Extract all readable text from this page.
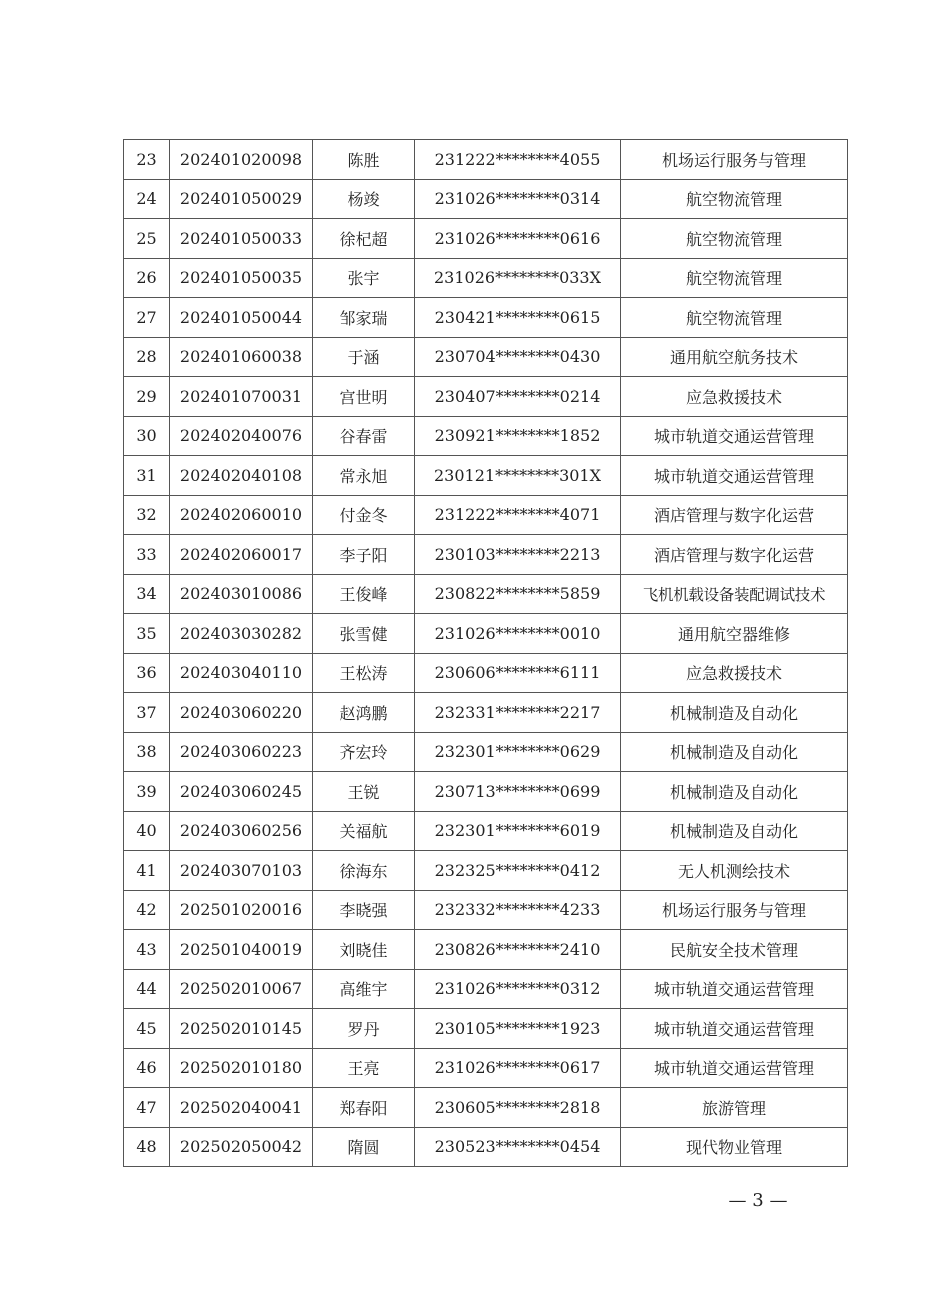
23	202401020098	陈胜	231222********4055	机场运行服务与管理
24	202401050029	杨竣	231026********0314	航空物流管理
25	202401050033	徐杞超	231026********0616	航空物流管理
26	202401050035	张宇	231026********033X	航空物流管理
27	202401050044	邹家瑞	230421********0615	航空物流管理
28	202401060038	于涵	230704********0430	通用航空航务技术
29	202401070031	宫世明	230407********0214	应急救援技术
30	202402040076	谷春雷	230921********1852	城市轨道交通运营管理
31	202402040108	常永旭	230121********301X	城市轨道交通运营管理
32	202402060010	付金冬	231222********4071	酒店管理与数字化运营
33	202402060017	李子阳	230103********2213	酒店管理与数字化运营
34	202403010086	王俊峰	230822********5859	飞机机载设备装配调试技术
35	202403030282	张雪健	231026********0010	通用航空器维修
36	202403040110	王松涛	230606********6111	应急救援技术
37	202403060220	赵鸿鹏	232331********2217	机械制造及自动化
38	202403060223	齐宏玲	232301********0629	机械制造及自动化
39	202403060245	王锐	230713********0699	机械制造及自动化
40	202403060256	关福航	232301********6019	机械制造及自动化
41	202403070103	徐海东	232325********0412	无人机测绘技术
42	202501020016	李晓强	232332********4233	机场运行服务与管理
43	202501040019	刘晓佳	230826********2410	民航安全技术管理
44	202502010067	高维宇	231026********0312	城市轨道交通运营管理
45	202502010145	罗丹	230105********1923	城市轨道交通运营管理
46	202502010180	王亮	231026********0617	城市轨道交通运营管理
47	202502040041	郑春阳	230605********2818	旅游管理
48	202502050042	隋圆	230523********0454	现代物业管理
— 3 —
